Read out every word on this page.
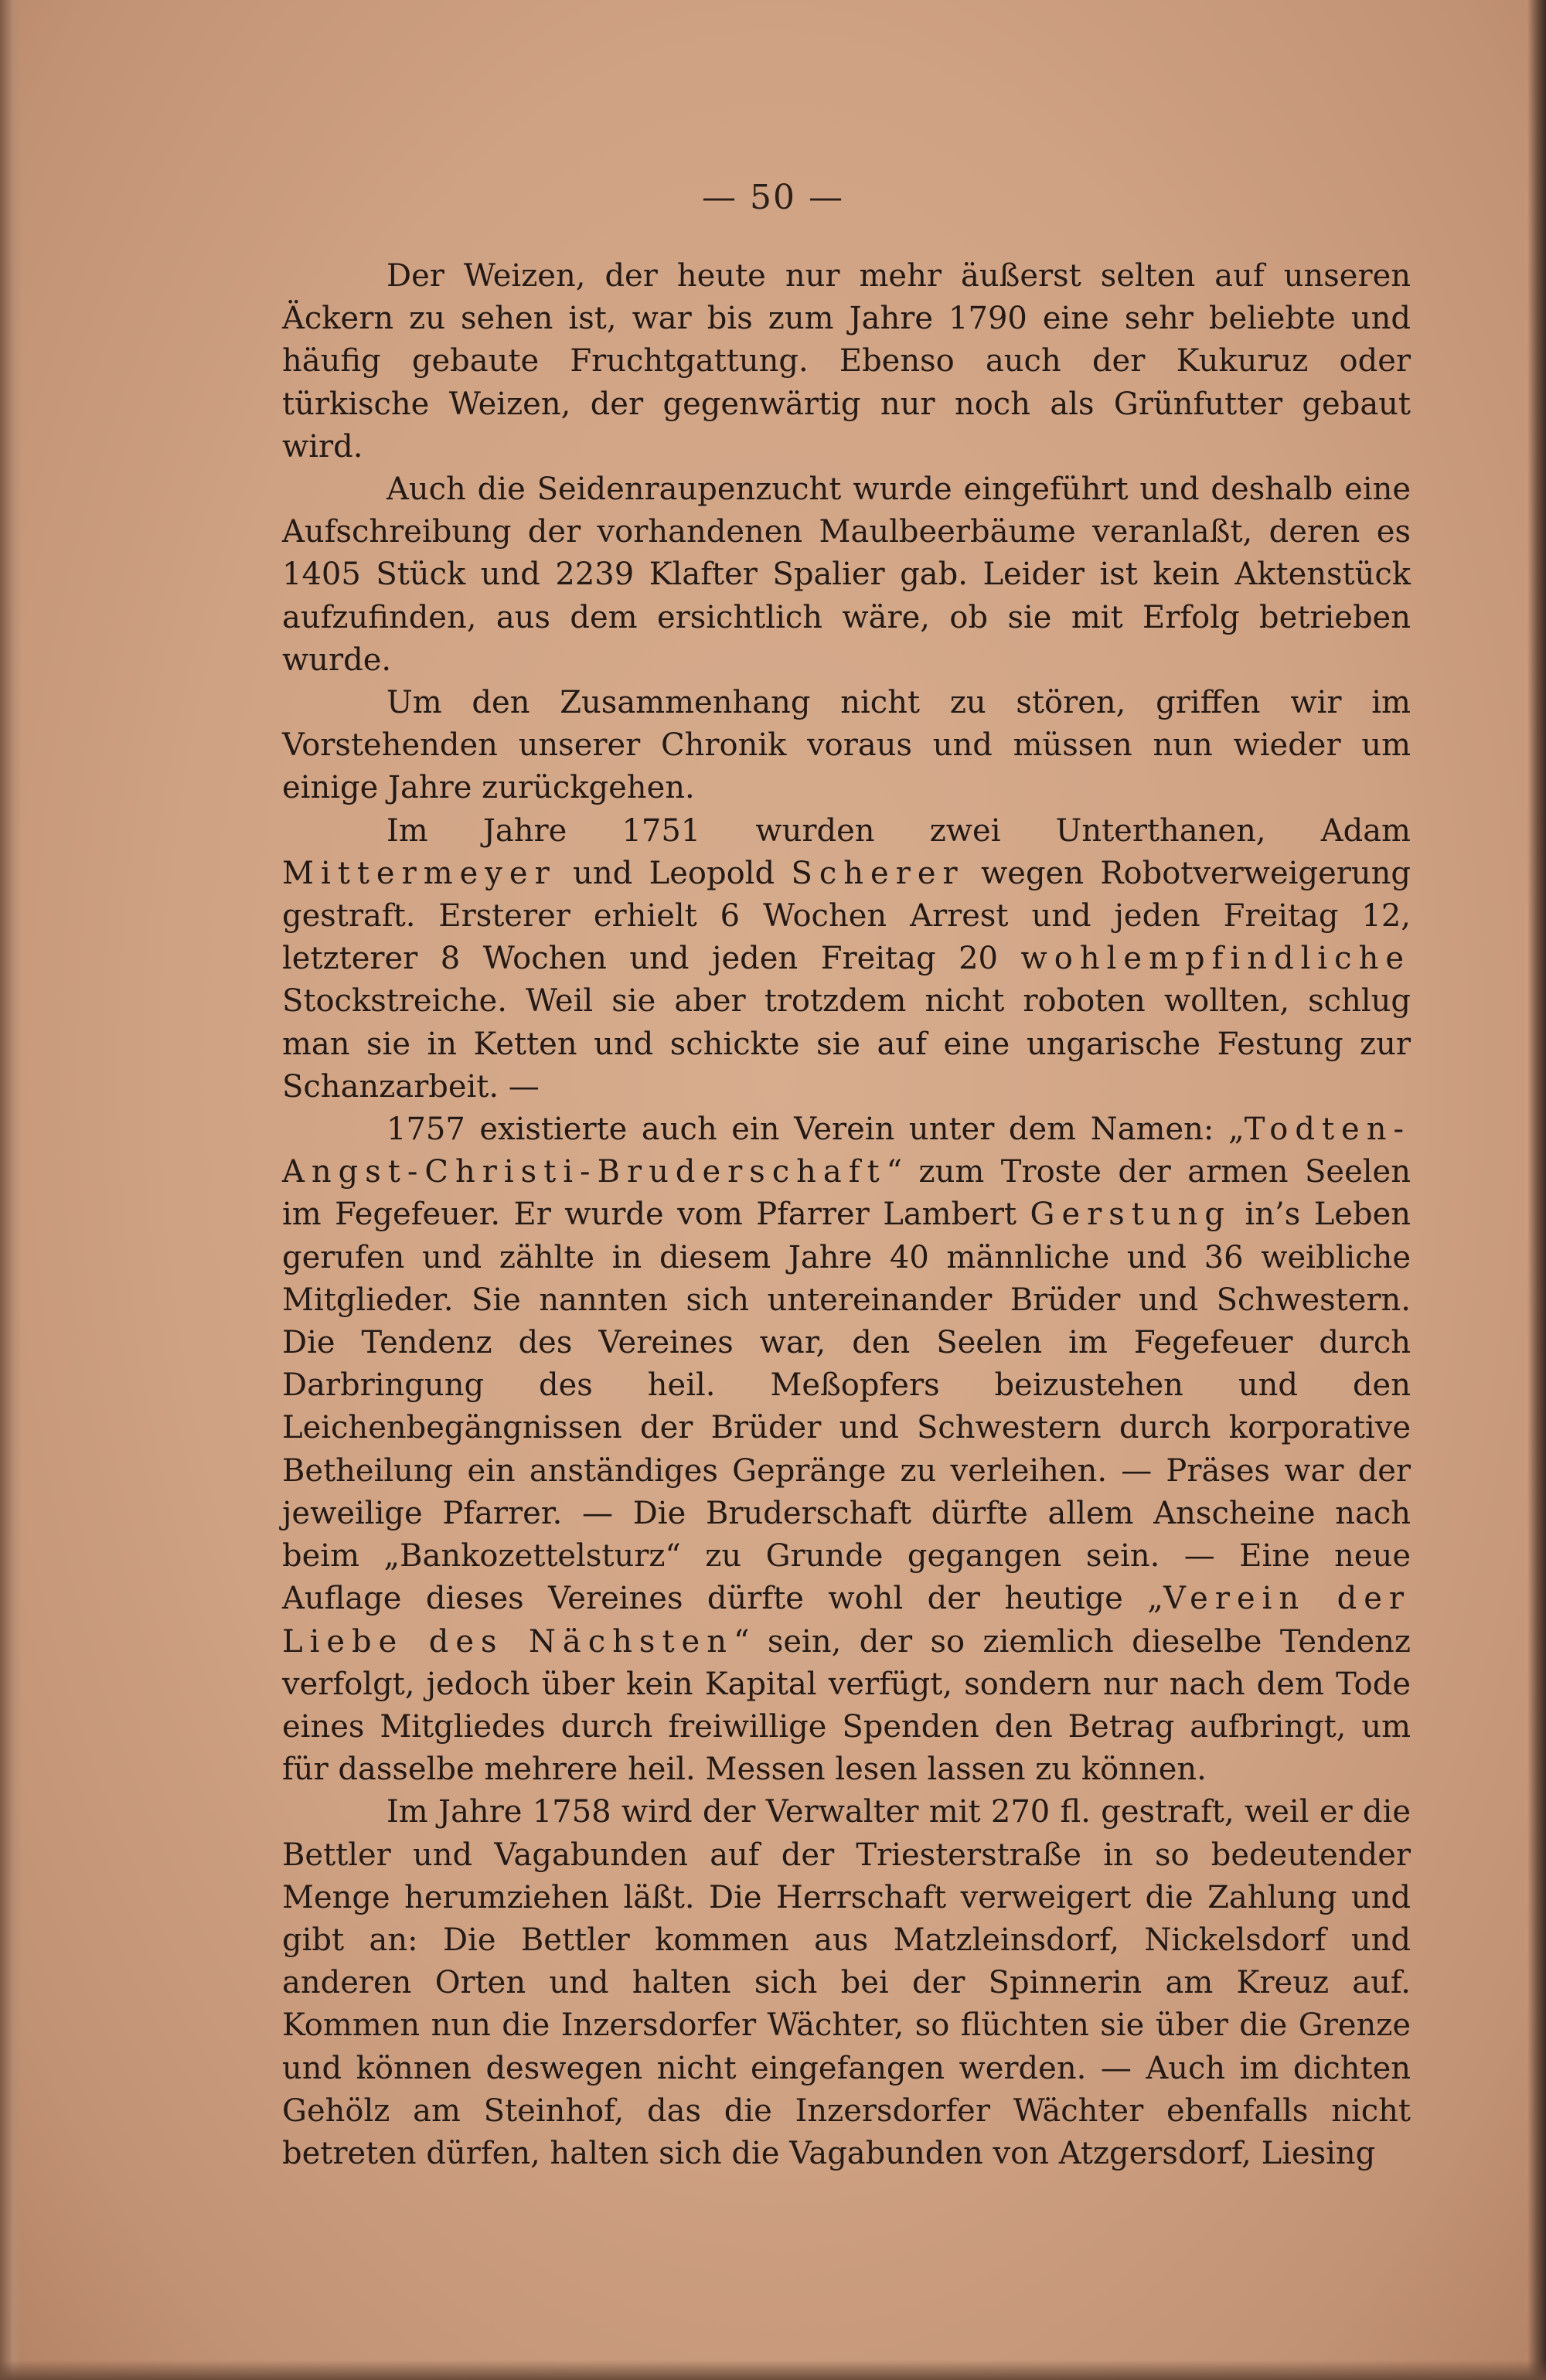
— 50 —

Der Weizen, der heute nur mehr äußerst selten auf unseren Äckern zu sehen ist, war bis zum Jahre 1790 eine sehr beliebte und häufig gebaute Fruchtgattung. Ebenso auch der Kukuruz oder türkische Weizen, der gegenwärtig nur noch als Grünfutter gebaut wird.

Auch die Seidenraupenzucht wurde eingeführt und deshalb eine Aufschreibung der vorhandenen Maulbeerbäume veranlaßt, deren es 1405 Stück und 2239 Klafter Spalier gab. Leider ist kein Aktenstück aufzufinden, aus dem ersichtlich wäre, ob sie mit Erfolg betrieben wurde.

Um den Zusammenhang nicht zu stören, griffen wir im Vorstehenden unserer Chronik voraus und müssen nun wieder um einige Jahre zurückgehen.

Im Jahre 1751 wurden zwei Unterthanen, Adam Mittermeyer und Leopold Scherer wegen Robotverweigerung gestraft. Ersterer erhielt 6 Wochen Arrest und jeden Freitag 12, letzterer 8 Wochen und jeden Freitag 20 wohlempfindliche Stockstreiche. Weil sie aber trotzdem nicht roboten wollten, schlug man sie in Ketten und schickte sie auf eine ungarische Festung zur Schanzarbeit. —

1757 existierte auch ein Verein unter dem Namen: „Todten-Angst-Christi-Bruderschaft“ zum Troste der armen Seelen im Fegefeuer. Er wurde vom Pfarrer Lambert Gerstung in’s Leben gerufen und zählte in diesem Jahre 40 männliche und 36 weibliche Mitglieder. Sie nannten sich untereinander Brüder und Schwestern. Die Tendenz des Vereines war, den Seelen im Fegefeuer durch Darbringung des heil. Meßopfers beizustehen und den Leichenbegängnissen der Brüder und Schwestern durch korporative Betheilung ein anständiges Gepränge zu verleihen. — Präses war der jeweilige Pfarrer. — Die Bruderschaft dürfte allem Anscheine nach beim „Bankozettelsturz“ zu Grunde gegangen sein. — Eine neue Auflage dieses Vereines dürfte wohl der heutige „Verein der Liebe des Nächsten“ sein, der so ziemlich dieselbe Tendenz verfolgt, jedoch über kein Kapital verfügt, sondern nur nach dem Tode eines Mitgliedes durch freiwillige Spenden den Betrag aufbringt, um für dasselbe mehrere heil. Messen lesen lassen zu können.

Im Jahre 1758 wird der Verwalter mit 270 fl. gestraft, weil er die Bettler und Vagabunden auf der Triesterstraße in so bedeutender Menge herumziehen läßt. Die Herrschaft verweigert die Zahlung und gibt an: Die Bettler kommen aus Matzleinsdorf, Nickelsdorf und anderen Orten und halten sich bei der Spinnerin am Kreuz auf. Kommen nun die Inzersdorfer Wächter, so flüchten sie über die Grenze und können deswegen nicht eingefangen werden. — Auch im dichten Gehölz am Steinhof, das die Inzersdorfer Wächter ebenfalls nicht betreten dürfen, halten sich die Vagabunden von Atzgersdorf, Liesing
